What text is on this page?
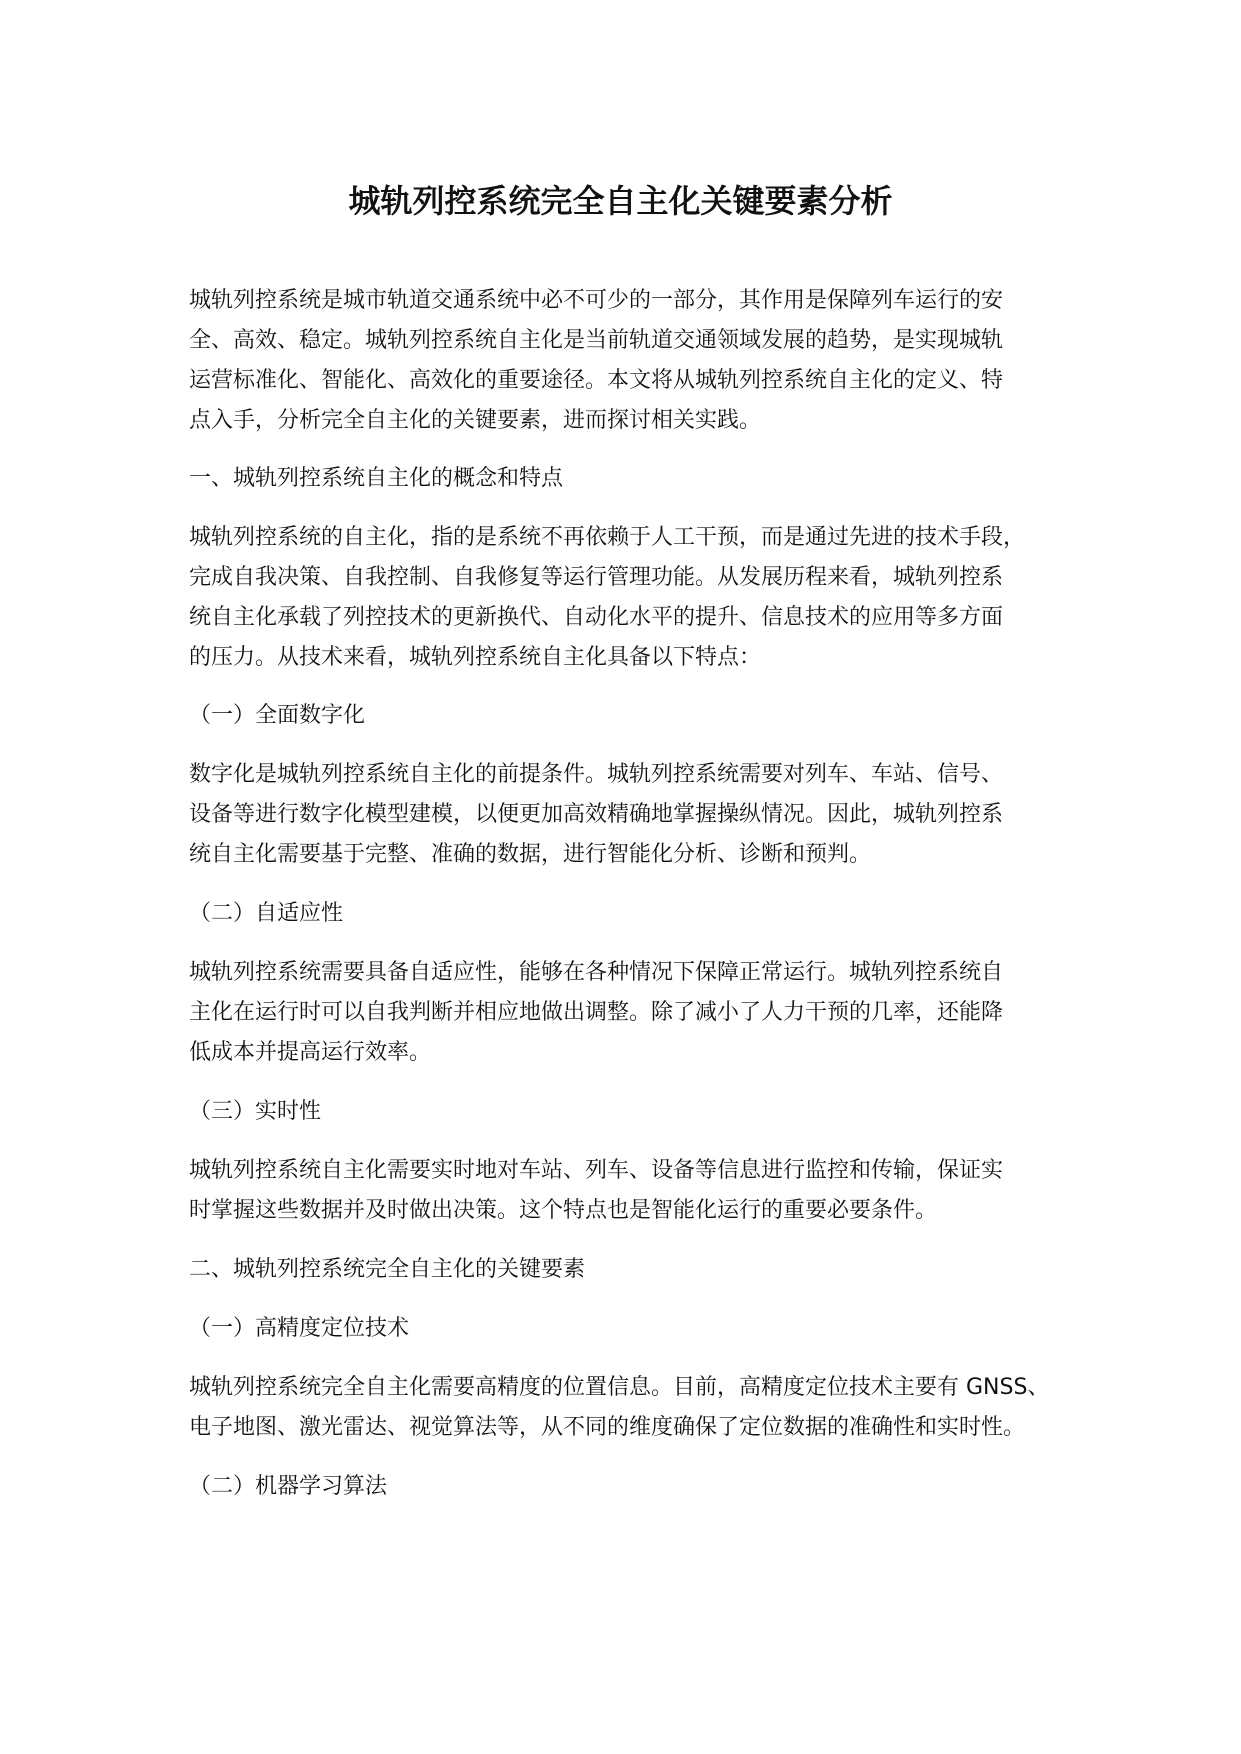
城轨列控系统完全自主化关键要素分析
城轨列控系统是城市轨道交通系统中必不可少的一部分，其作用是保障列车运行的安
全、高效、稳定。城轨列控系统自主化是当前轨道交通领域发展的趋势，是实现城轨
运营标准化、智能化、高效化的重要途径。本文将从城轨列控系统自主化的定义、特
点入手，分析完全自主化的关键要素，进而探讨相关实践。
一、城轨列控系统自主化的概念和特点
城轨列控系统的自主化，指的是系统不再依赖于人工干预，而是通过先进的技术手段，
完成自我决策、自我控制、自我修复等运行管理功能。从发展历程来看，城轨列控系
统自主化承载了列控技术的更新换代、自动化水平的提升、信息技术的应用等多方面
的压力。从技术来看，城轨列控系统自主化具备以下特点：
（一）全面数字化
数字化是城轨列控系统自主化的前提条件。城轨列控系统需要对列车、车站、信号、
设备等进行数字化模型建模，以便更加高效精确地掌握操纵情况。因此，城轨列控系
统自主化需要基于完整、准确的数据，进行智能化分析、诊断和预判。
（二）自适应性
城轨列控系统需要具备自适应性，能够在各种情况下保障正常运行。城轨列控系统自
主化在运行时可以自我判断并相应地做出调整。除了减小了人力干预的几率，还能降
低成本并提高运行效率。
（三）实时性
城轨列控系统自主化需要实时地对车站、列车、设备等信息进行监控和传输，保证实
时掌握这些数据并及时做出决策。这个特点也是智能化运行的重要必要条件。
二、城轨列控系统完全自主化的关键要素
（一）高精度定位技术
城轨列控系统完全自主化需要高精度的位置信息。目前，高精度定位技术主要有 GNSS、
电子地图、激光雷达、视觉算法等，从不同的维度确保了定位数据的准确性和实时性。
（二）机器学习算法
